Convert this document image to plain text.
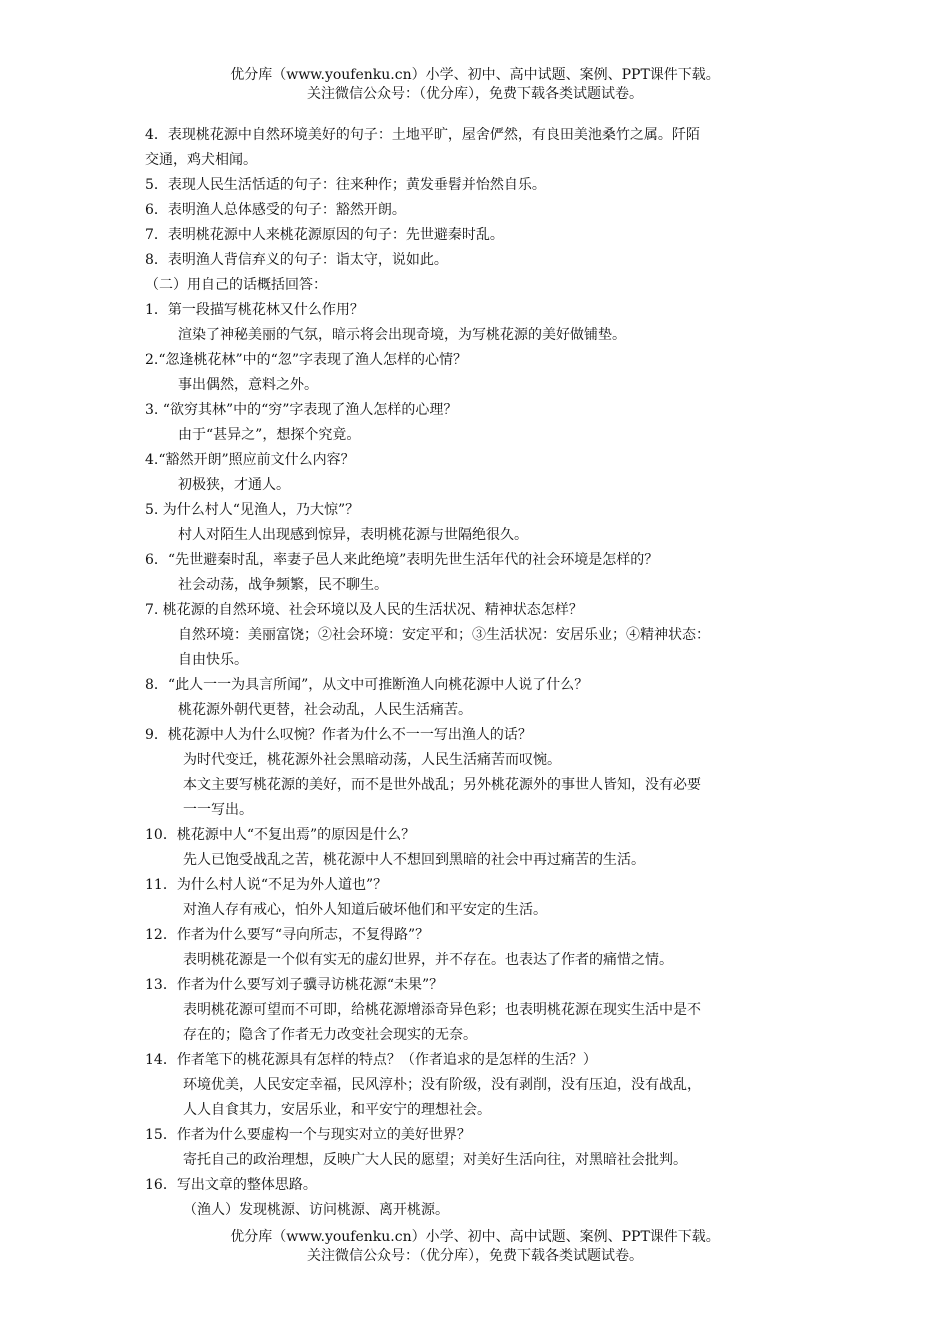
优分库（www.youfenku.cn）小学、初中、高中试题、案例、PPT课件下载。
关注微信公众号：（优分库），免费下载各类试题试卷。
4．表现桃花源中自然环境美好的句子：土地平旷，屋舍俨然，有良田美池桑竹之属。阡陌
交通，鸡犬相闻。
5．表现人民生活恬适的句子：往来种作；黄发垂髫并怡然自乐。
6．表明渔人总体感受的句子：豁然开朗。
7．表明桃花源中人来桃花源原因的句子：先世避秦时乱。
8．表明渔人背信弃义的句子：诣太守，说如此。
（二）用自己的话概括回答：
1．第一段描写桃花林又什么作用？
渲染了神秘美丽的气氛，暗示将会出现奇境，为写桃花源的美好做铺垫。
2.“忽逢桃花林”中的“忽”字表现了渔人怎样的心情？
事出偶然，意料之外。
3. “欲穷其林”中的“穷”字表现了渔人怎样的心理？
由于“甚异之”，想探个究竟。
4.“豁然开朗”照应前文什么内容？
初极狭，才通人。
5. 为什么村人“见渔人，乃大惊”？
村人对陌生人出现感到惊异，表明桃花源与世隔绝很久。
6．“先世避秦时乱，率妻子邑人来此绝境”表明先世生活年代的社会环境是怎样的？
社会动荡，战争频繁，民不聊生。
7. 桃花源的自然环境、社会环境以及人民的生活状况、精神状态怎样？
自然环境：美丽富饶；②社会环境：安定平和；③生活状况：安居乐业；④精神状态：
自由快乐。
8．“此人一一为具言所闻”，从文中可推断渔人向桃花源中人说了什么？
桃花源外朝代更替，社会动乱，人民生活痛苦。
9．桃花源中人为什么叹惋？作者为什么不一一写出渔人的话？
为时代变迁，桃花源外社会黑暗动荡，人民生活痛苦而叹惋。
本文主要写桃花源的美好，而不是世外战乱；另外桃花源外的事世人皆知，没有必要
一一写出。
10．桃花源中人“不复出焉”的原因是什么？
先人已饱受战乱之苦，桃花源中人不想回到黑暗的社会中再过痛苦的生活。
11．为什么村人说“不足为外人道也”？
对渔人存有戒心，怕外人知道后破坏他们和平安定的生活。
12．作者为什么要写“寻向所志，不复得路”？
表明桃花源是一个似有实无的虚幻世界，并不存在。也表达了作者的痛惜之情。
13．作者为什么要写刘子骥寻访桃花源“未果”？
表明桃花源可望而不可即，给桃花源增添奇异色彩；也表明桃花源在现实生活中是不
存在的；隐含了作者无力改变社会现实的无奈。
14．作者笔下的桃花源具有怎样的特点？（作者追求的是怎样的生活？）
环境优美，人民安定幸福，民风淳朴；没有阶级，没有剥削，没有压迫，没有战乱，
人人自食其力，安居乐业，和平安宁的理想社会。
15．作者为什么要虚构一个与现实对立的美好世界？
寄托自己的政治理想，反映广大人民的愿望；对美好生活向往，对黑暗社会批判。
16．写出文章的整体思路。
（渔人）发现桃源、访问桃源、离开桃源。
优分库（www.youfenku.cn）小学、初中、高中试题、案例、PPT课件下载。
关注微信公众号：（优分库），免费下载各类试题试卷。
